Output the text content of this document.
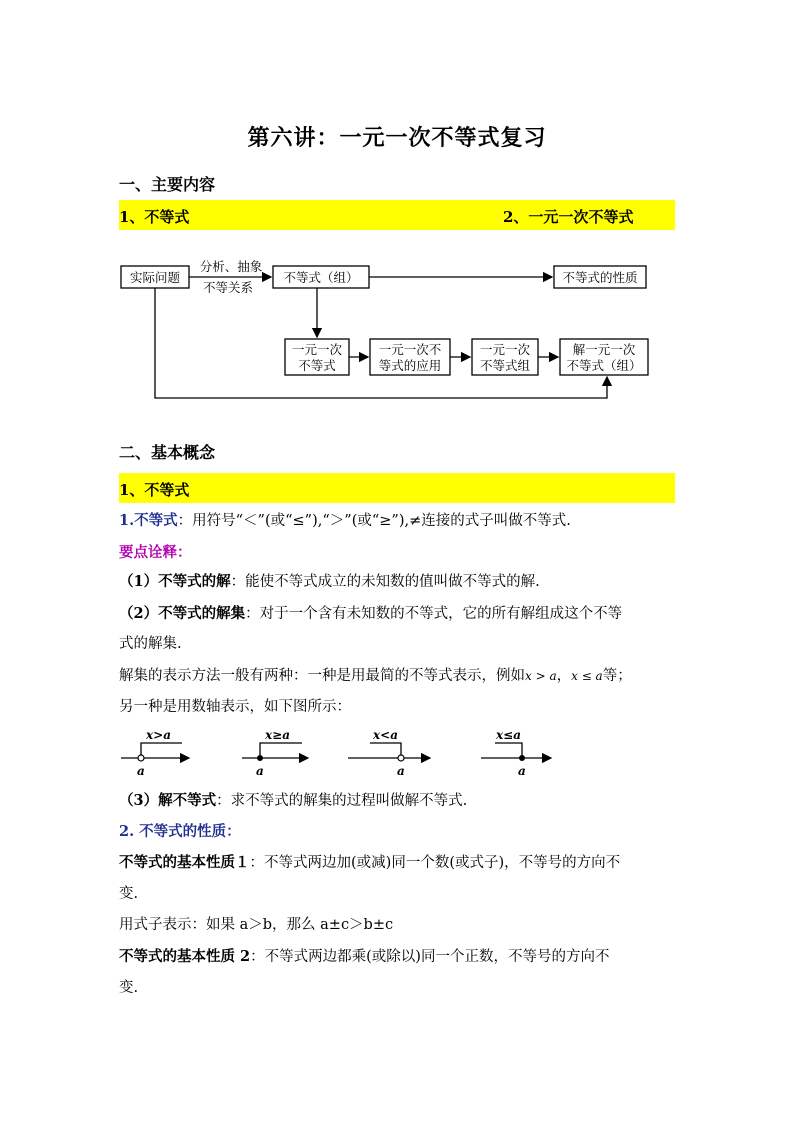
第六讲：一元一次不等式复习
一、主要内容
1、不等式	2、一元一次不等式
实际问题
分析、抽象
不等关系
不等式（组）	不等式的性质
一元一次
不等式
一元一次不
等式的应用
一元一次
不等式组
解一元一次
不等式（组）
二、基本概念
1、不等式
1.不等式：用符号“＜”(或“≤”),“＞”(或“≥”),≠连接的式子叫做不等式.
要点诠释：
（1）不等式的解：能使不等式成立的未知数的值叫做不等式的解.
（2）不等式的解集：对于一个含有未知数的不等式，它的所有解组成这个不等
式的解集.
解集的表示方法一般有两种：一种是用最简的不等式表示，例如x > a，x ≤ a等；
另一种是用数轴表示，如下图所示：
x>a	x≥a	x<a	x≤a
a	a	a	a
（3）解不等式：求不等式的解集的过程叫做解不等式.
2. 不等式的性质：
不等式的基本性质１：不等式两边加(或减)同一个数(或式子)，不等号的方向不
变.
用式子表示：如果 a＞b，那么 a±c＞b±c
不等式的基本性质 2：不等式两边都乘(或除以)同一个正数，不等号的方向不
变.
